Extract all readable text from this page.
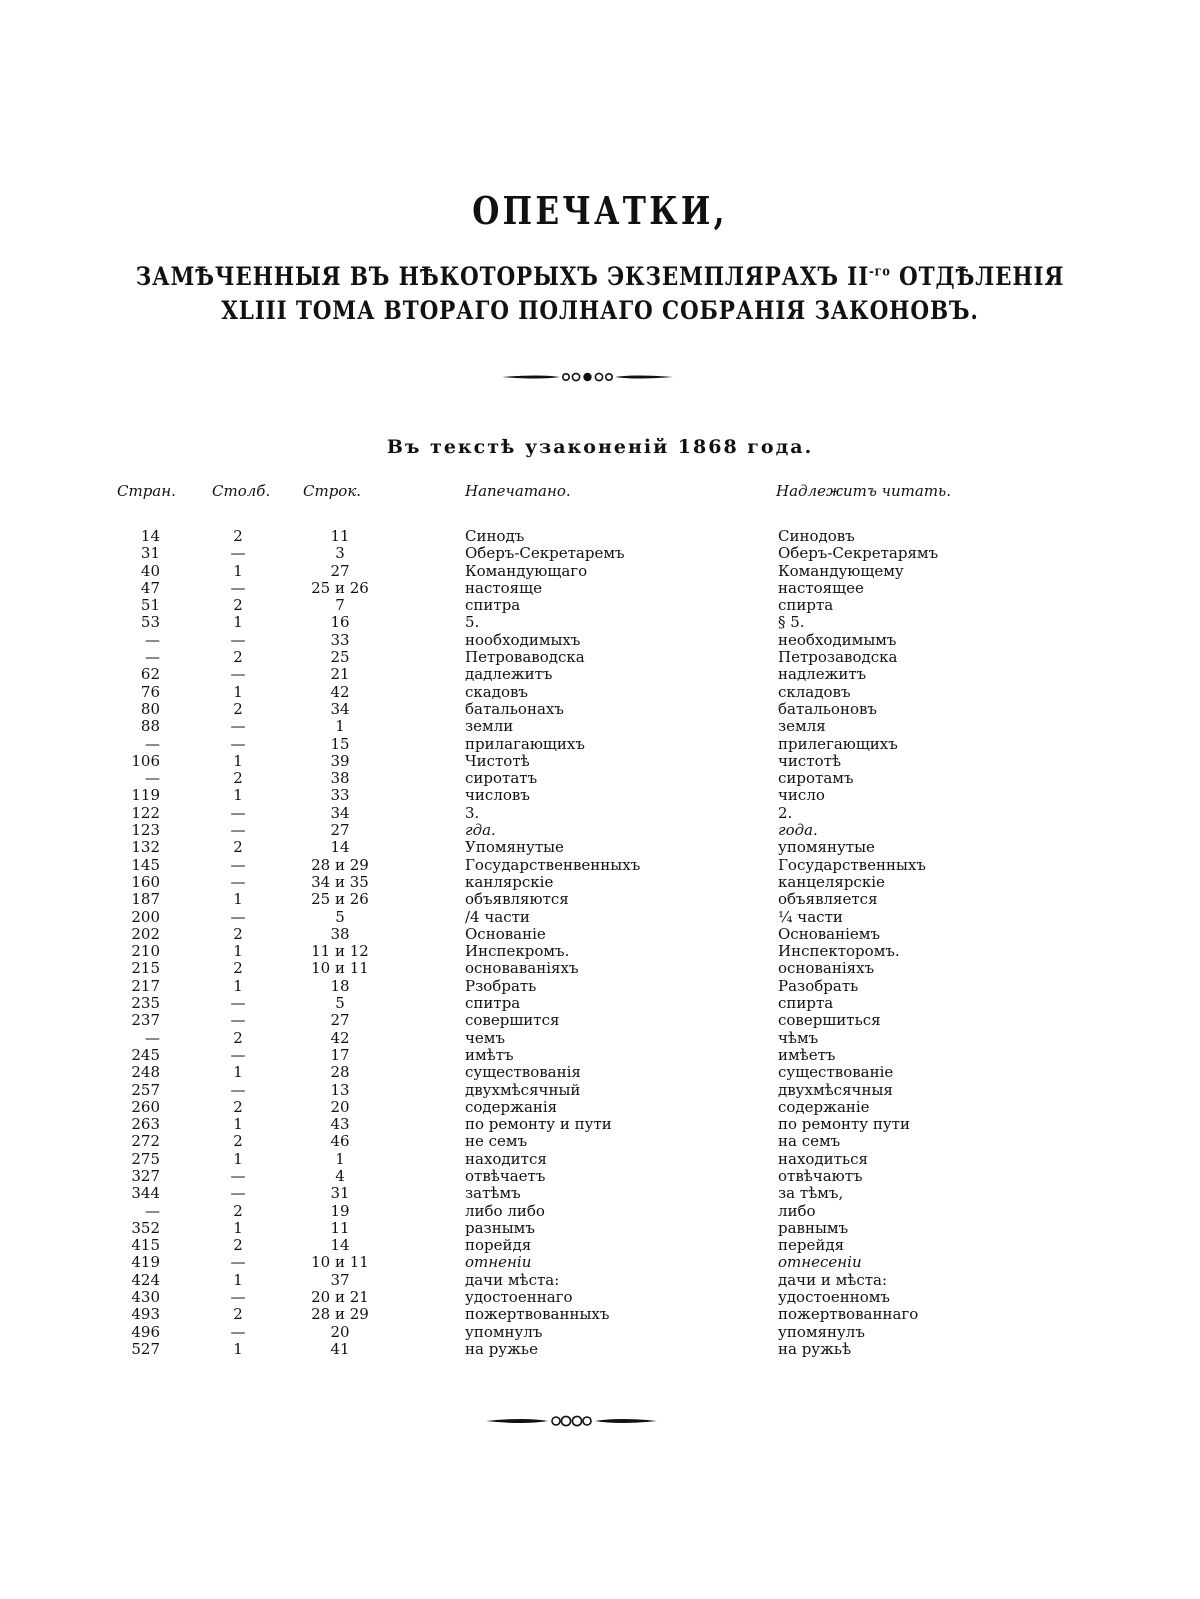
ОПЕЧАТКИ,
ЗАМѢЧЕННЫЯ ВЪ НѢКОТОРЫХЪ ЭКЗЕМПЛЯРАХЪ $II^{-го}$ ОТДѢЛЕНІЯ
XLIII ТОМА ВТОРАГО ПОЛНАГО СОБРАНІЯ ЗАКОНОВЪ.
Въ текстѣ узаконеній 1868 года.
Стран. Столб. Строк.	Напечатано.	Надлежитъ читать.
14	2	11	Синодъ	Синодовъ
31	—	3	Оберъ-Секретаремъ	Оберъ-Секретарямъ
40	1	27	Командующаго	Командующему
47	—	25 и 26	настояще	настоящее
51	2	7	спитра	спирта
53	1	16	5.	§ 5.
—	—	33	нообходимыхъ	необходимымъ
—	2	25	Петроваводска	Петрозаводска
62	—	21	дадлежитъ	надлежитъ
76	1	42	скадовъ	складовъ
80	2	34	батальонахъ	батальоновъ
88	—	1	земли	земля
—	—	15	прилагающихъ	прилегающихъ
106	1	39	Чистотѣ	чистотѣ
—	2	38	сиротатъ	сиротамъ
119	1	33	числовъ	число
122	—	34	3.	2.
123	—	27	гда.	года.
132	2	14	Упомянутые	упомянутые
145	—	28 и 29	Государственвенныхъ	Государственныхъ
160	—	34 и 35	канлярскіе	канцелярскіе
187	1	25 и 26	объявляются	объявляется
200	—	5	/4 части	¼ части
202	2	38	Основаніе	Основаніемъ
210	1	11 и 12	Инспекромъ.	Инспекторомъ.
215	2	10 и 11	основаваніяхъ	основаніяхъ
217	1	18	Рзобрать	Разобрать
235	—	5	спитра	спирта
237	—	27	совершится	совершиться
—	2	42	чемъ	чѣмъ
245	—	17	имѣтъ	имѣетъ
248	1	28	существованія	существованіе
257	—	13	двухмѣсячный	двухмѣсячныя
260	2	20	содержанія	содержаніе
263	1	43	по ремонту и пути	по ремонту пути
272	2	46	не семъ	на семъ
275	1	1	находится	находиться
327	—	4	отвѣчаетъ	отвѣчаютъ
344	—	31	затѣмъ	за тѣмъ,
—	2	19	либо либо	либо
352	1	11	разнымъ	равнымъ
415	2	14	порейдя	перейдя
419	—	10 и 11	отненіи	отнесеніи
424	1	37	дачи мѣста:	дачи и мѣста:
430	—	20 и 21	удостоеннаго	удостоенномъ
493	2	28 и 29	пожертвованныхъ	пожертвованнаго
496	—	20	упомнулъ	упомянулъ
527	1	41	на ружье	на ружьѣ
